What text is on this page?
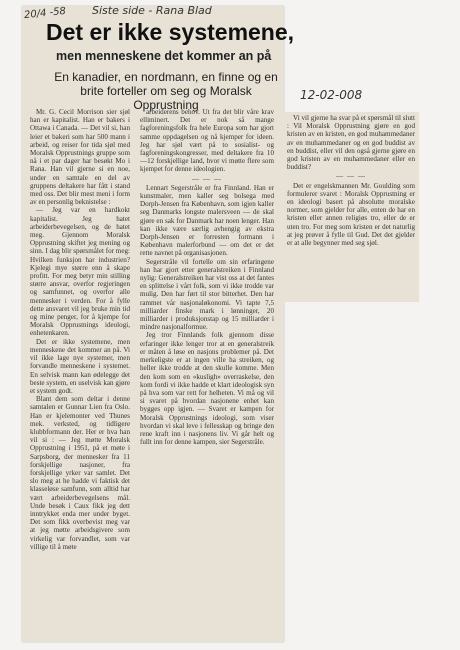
20/4 -58 Siste side - Rana Blad
12-02-008
Det er ikke systemene,
men menneskene det kommer an på
En kanadier, en nordmann, en finne og en brite forteller om seg og Moralsk Opprustning

Mr. G. Cecil Morrison sier sjøl han er kapitalist. Han er bakers i Ottawa i Canada. — Det vil si, han leier et bakeri som har 500 mann i arbeid, og reiser for tida sjøl med Moralsk Opprustnings gruppe som nå i et par dager har besøkt Mo i Rana. Han vil gjerne si en noe, under en samtale en del av gruppens deltakere har fått i stand med oss. Det blir mest meni i form av en personlig beknistelse :

— Jeg var en hardkokt kapitalist. Jeg hatet arbeiderbevegelsen, og de hatet meg. Gjennom Moralsk Opprustning skiftet jeg mening og sinn. I dag blir spørsmålet for meg: Hvilken funksjon har industrien? Kjelegi mye større enn å skape profitt. For meg betyr min stilling større ansvar, overfor regjeringen og samfunnet, og overfor alle mennesker i verden. For å fylle dette ansvaret vil jeg bruke min tid og mine penger, for å kjempe for Moralsk Opprustnings ideologi, enhetenkaren.

Det er ikke systemene, men menneskene det kommer an på. Vi vil ikke lage nye systemer, men forvandle menneskene i systemet. En selvisk mann kan ødelegge det beste system, en uselvisk kan gjøre et system godt.

Blant dem som deltar i denne samtalen er Gunnar Lien fra Oslo. Han er kjelemonter ved Thunes mek. verksted, og tidligere klubbformann der. Her er hva han vil si : — Jeg møtte Moralsk Opprustning i 1951, på et møte i Sarpsborg, der mennesker fra 11 forskjellige nasjoner, fra forskjellige yrker var samlet. Det slo meg at he hadde vi faktisk det klasseløse samfunn, som alltid har vært arbeiderbevegelsens mål. Unde besøk i Caux fikk jeg dett inntrykket enda mer under byget. Det som fikk overbevist meg var at jeg møtte arbeidsgivere som virkelig var forvandlet, som var villige til å møte

arbeiderens behov. Ut fra det blir våre krav elliminert. Det er nok så mange fagforeningsfolk fra hele Europa som har gjort samme oppdagelsen og nå kjemper for ideen. Jeg har sjøl vært på to sosialist- og fagforeningskongresser, med deltakere fra 10—12 forskjellige land, hvor vi møtte flere som kjempet for denne ideologien.

— — —

Lennart Segerstråle er fra Finnland. Han er kunstmaler, men kaller seg bolsega med Dorph-Jensen fra København, som igjen kaller seg Danmarks longste malersveen — de skal gjøre en sak for Danmark har noen lenger. Han kan ikke være særlig avhengig av ekstra Dorph-Jensen er forresten formann i København malerforbund — om det er det rette navnet på organisasjonen.

Segerstråle vil fortelle om sin erfaringene han har gjort etter generalstreiken i Finnland nylig: Generalstreiken har vist oss at det fantes en splittelse i vårt folk, som vi ikke trodde var mulig. Den har ført til stor bitterhet. Den har rammet vår nasjonaløkonomi. Vi tapte 7,5 milliarder finske mark i lønninger, 20 milliarder i produksjonstap og 15 milliarder i mindre nasjonalformue.

Jeg tror Finnlands folk gjennom disse erfaringer ikke lenger tror at en generalstreik er måten å løse en nasjons problemer på. Det merkeligste er at ingen ville ha streiken, og heller ikke trodde at den skulle komme. Men den kom som en «kusligh» overraskelse, den kom fordi vi ikke hadde et klart ideologisk syn på hva som var rett for helheten. Vi må og vil si svaret på hvordan nasjonene enhet kan bygges opp igjen. — Svaret er kampen for Moralsk Opprustnings ideologi, som viser hvordan vi skal leve i fellesskap og bringe den rene kraft inn i nasjonens liv. Vi går helt og fullt inn for denne kampen, sier Segerstråle.

Vi vil gjerne ha svar på et spørsmål til slutt : Vil Moralsk Opprustning gjøre en god kristen av en kristen, en god muhammedaner av en muhammedaner og en god buddist av en buddist, eller vil den også gjerne gjøre en god kristen av en muhammedaner eller en buddist?

— — —

Det er engelskmannen Mr. Goulding som formulerer svaret : Moralsk Opprustning er en ideologi basert på absolutte moralske normer, som gjelder for alle, enten de har en kristen eller annen religiøs tro, eller de er uten tro. For meg som kristen er det naturlig at jeg prøver å fylle til Gud. Det det gjelder er at alle begynner med seg sjøl.
